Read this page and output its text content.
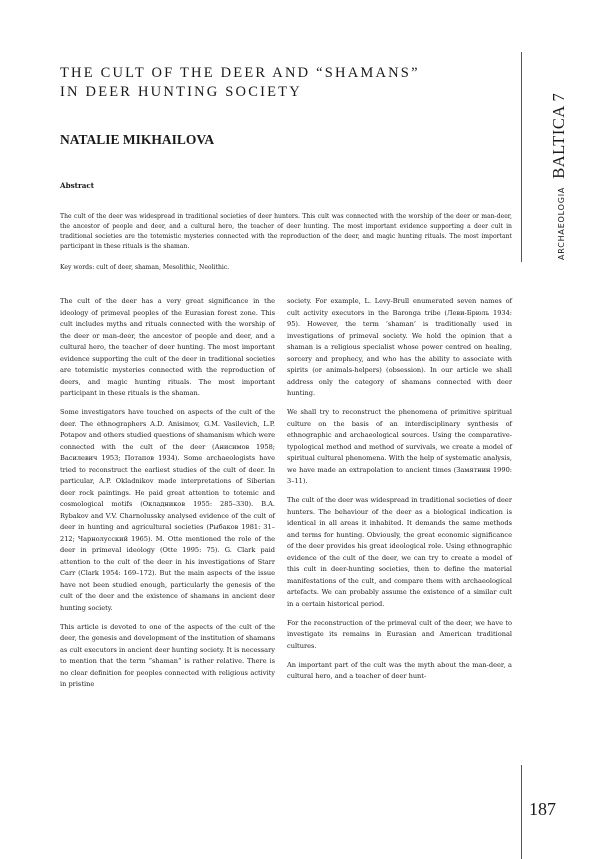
THE CULT OF THE DEER AND “SHAMANS”
IN DEER HUNTING SOCIETY
NATALIE MIKHAILOVA
Abstract

The cult of the deer was widespread in traditional societies of deer hunters. This cult was connected with the worship of the deer or man-deer, the ancestor of people and deer, and a cultural hero, the teacher of deer hunting. The most important evidence supporting a deer cult in traditional societies are the totemistic mysteries connected with the reproduction of the deer, and magic hunting rituals. The most important participant in these rituals is the shaman.

Key words: cult of deer, shaman, Mesolithic, Neolithic.

The cult of the deer has a very great significance in the ideology of primeval peoples of the Eurasian forest zone. This cult includes myths and rituals connected with the worship of the deer or man-deer, the ancestor of people and deer, and a cultural hero, the teacher of deer hunting. The most important evidence supporting the cult of the deer in traditional societies are totemistic mysteries connected with the reproduction of deers, and magic hunting rituals. The most important participant in these rituals is the shaman.

Some investigators have touched on aspects of the cult of the deer. The ethnographers A.D. Anisimov, G.M. Vasilevich, L.P. Potapov and others studied questions of shamanism which were connected with the cult of the deer (Анисимов 1958; Василевич 1953; Потапов 1934). Some archaeologists have tried to reconstruct the earliest studies of the cult of deer. In particular, A.P. Okladnikov made interpretations of Siberian deer rock paintings. He paid great attention to totemic and cosmological motifs (Окладников 1955: 285–330). B.A. Rybakov and V.V. Charnolussky analysed evidence of the cult of deer in hunting and agricultural societies (Рыбаков 1981: 31–212; Чарнолусский 1965). M. Otte mentioned the role of the deer in primeval ideology (Otte 1995: 75). G. Clark paid attention to the cult of the deer in his investigations of Starr Carr (Clark 1954: 169–172). But the main aspects of the issue have not been studied enough, particularly the genesis of the cult of the deer and the existence of shamans in ancient deer hunting society.

This article is devoted to one of the aspects of the cult of the deer, the genesis and development of the institution of shamans as cult executors in ancient deer hunting society. It is necessary to mention that the term “shaman” is rather relative. There is no clear definition for peoples connected with religious activity in pristine

society. For example, L. Levy-Brull enumerated seven names of cult activity executors in the Baronga tribe (Леви-Брюль 1934: 95). However, the term ‘shaman’ is traditionally used in investigations of primeval society. We hold the opinion that a shaman is a religious specialist whose power centred on healing, sorcery and prophecy, and who has the ability to associate with spirits (or animals-helpers) (obsession). In our article we shall address only the category of shamans connected with deer hunting.

We shall try to reconstruct the phenomena of primitive spiritual culture on the basis of an interdisciplinary synthesis of ethnographic and archaeological sources. Using the comparative-typological method and method of survivals, we create a model of spiritual cultural phenomena. With the help of systematic analysis, we have made an extrapolation to ancient times (Замятнин 1990: 3–11).

The cult of the deer was widespread in traditional societies of deer hunters. The behaviour of the deer as a biological indication is identical in all areas it inhabited. It demands the same methods and terms for hunting. Obviously, the great economic significance of the deer provides his great ideological role. Using ethnographic evidence of the cult of the deer, we can try to create a model of this cult in deer-hunting societies, then to define the material manifestations of the cult, and compare them with archaeological artefacts. We can probably assume the existence of a similar cult in a certain historical period.

For the reconstruction of the primeval cult of the deer, we have to investigate its remains in Eurasian and American traditional cultures.

An important part of the cult was the myth about the man-deer, a cultural hero, and a teacher of deer hunt-

ARCHAEOLOGIA BALTICA 7
187
